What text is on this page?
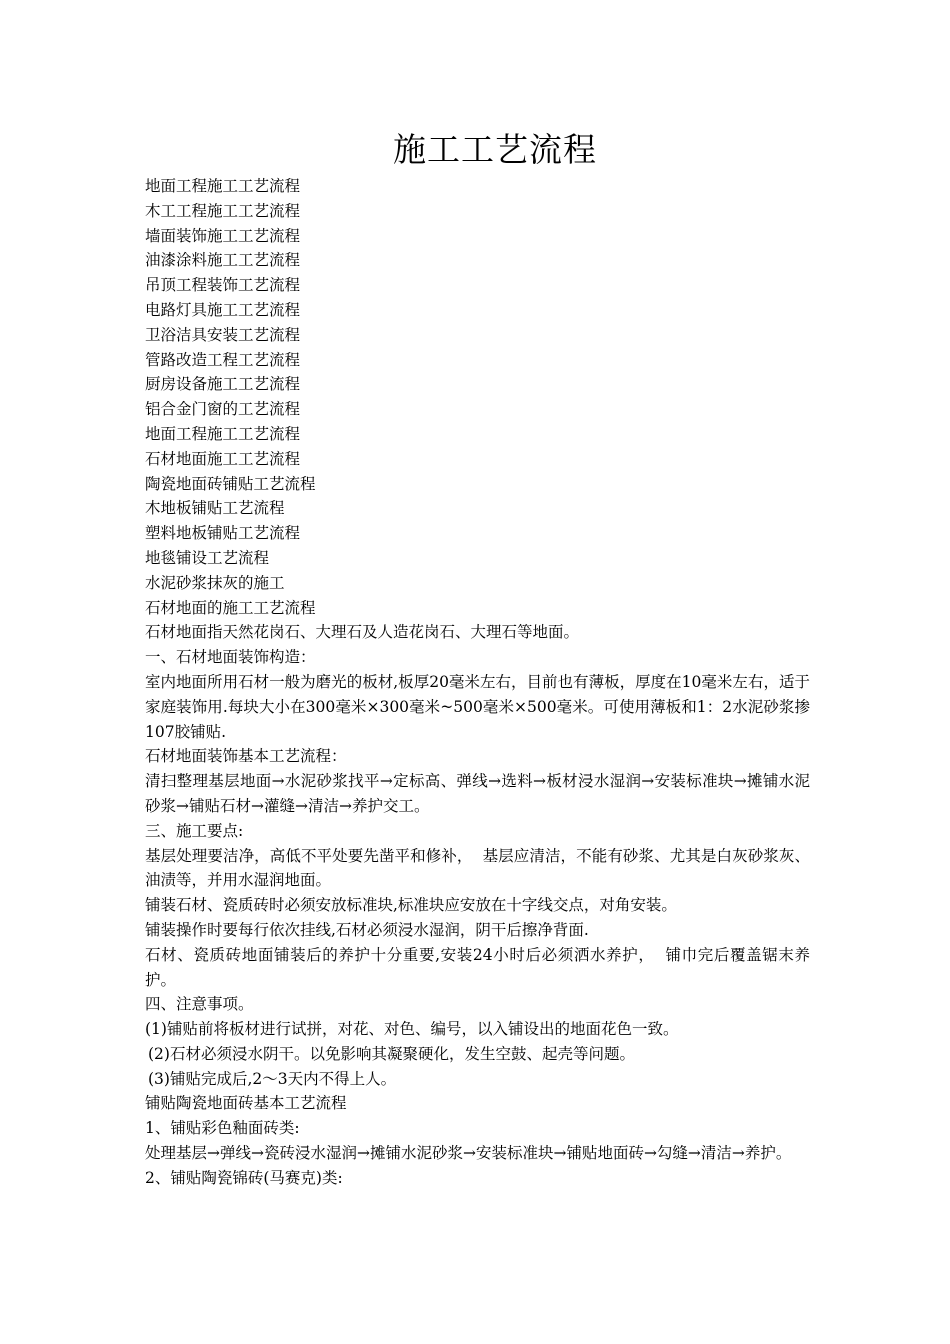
施工工艺流程
地面工程施工工艺流程
木工工程施工工艺流程
墙面装饰施工工艺流程
油漆涂料施工工艺流程
吊顶工程装饰工艺流程
电路灯具施工工艺流程
卫浴洁具安装工艺流程
管路改造工程工艺流程
厨房设备施工工艺流程
铝合金门窗的工艺流程
地面工程施工工艺流程
石材地面施工工艺流程
陶瓷地面砖铺贴工艺流程
木地板铺贴工艺流程
塑料地板铺贴工艺流程
地毯铺设工艺流程
水泥砂浆抹灰的施工
石材地面的施工工艺流程
石材地面指天然花岗石、大理石及人造花岗石、大理石等地面。
一、石材地面装饰构造：
室内地面所用石材一般为磨光的板材,板厚20毫米左右，目前也有薄板，厚度在10毫米左右，适于家庭装饰用.每块大小在300毫米×300毫米~500毫米×500毫米。可使用薄板和1：2水泥砂浆掺107胶铺贴.
石材地面装饰基本工艺流程：
清扫整理基层地面→水泥砂浆找平→定标高、弹线→选料→板材浸水湿润→安装标准块→摊铺水泥砂浆→铺贴石材→灌缝→清洁→养护交工。
三、施工要点:
基层处理要洁净，高低不平处要先凿平和修补，  基层应清洁，不能有砂浆、尤其是白灰砂浆灰、油渍等，并用水湿润地面。
铺装石材、瓷质砖时必须安放标准块,标准块应安放在十字线交点，对角安装。
铺装操作时要每行依次挂线,石材必须浸水湿润，阴干后擦净背面.
石材、瓷质砖地面铺装后的养护十分重要,安装24小时后必须洒水养护，  铺巾完后覆盖锯末养护。
四、注意事项。
(1)铺贴前将板材进行试拼，对花、对色、编号，以入铺设出的地面花色一致。
(2)石材必须浸水阴干。以免影响其凝聚硬化，发生空鼓、起壳等问题。
(3)铺贴完成后,2～3天内不得上人。
铺贴陶瓷地面砖基本工艺流程
1、铺贴彩色釉面砖类:
处理基层→弹线→瓷砖浸水湿润→摊铺水泥砂浆→安装标准块→铺贴地面砖→勾缝→清洁→养护。
2、铺贴陶瓷锦砖(马赛克)类:
